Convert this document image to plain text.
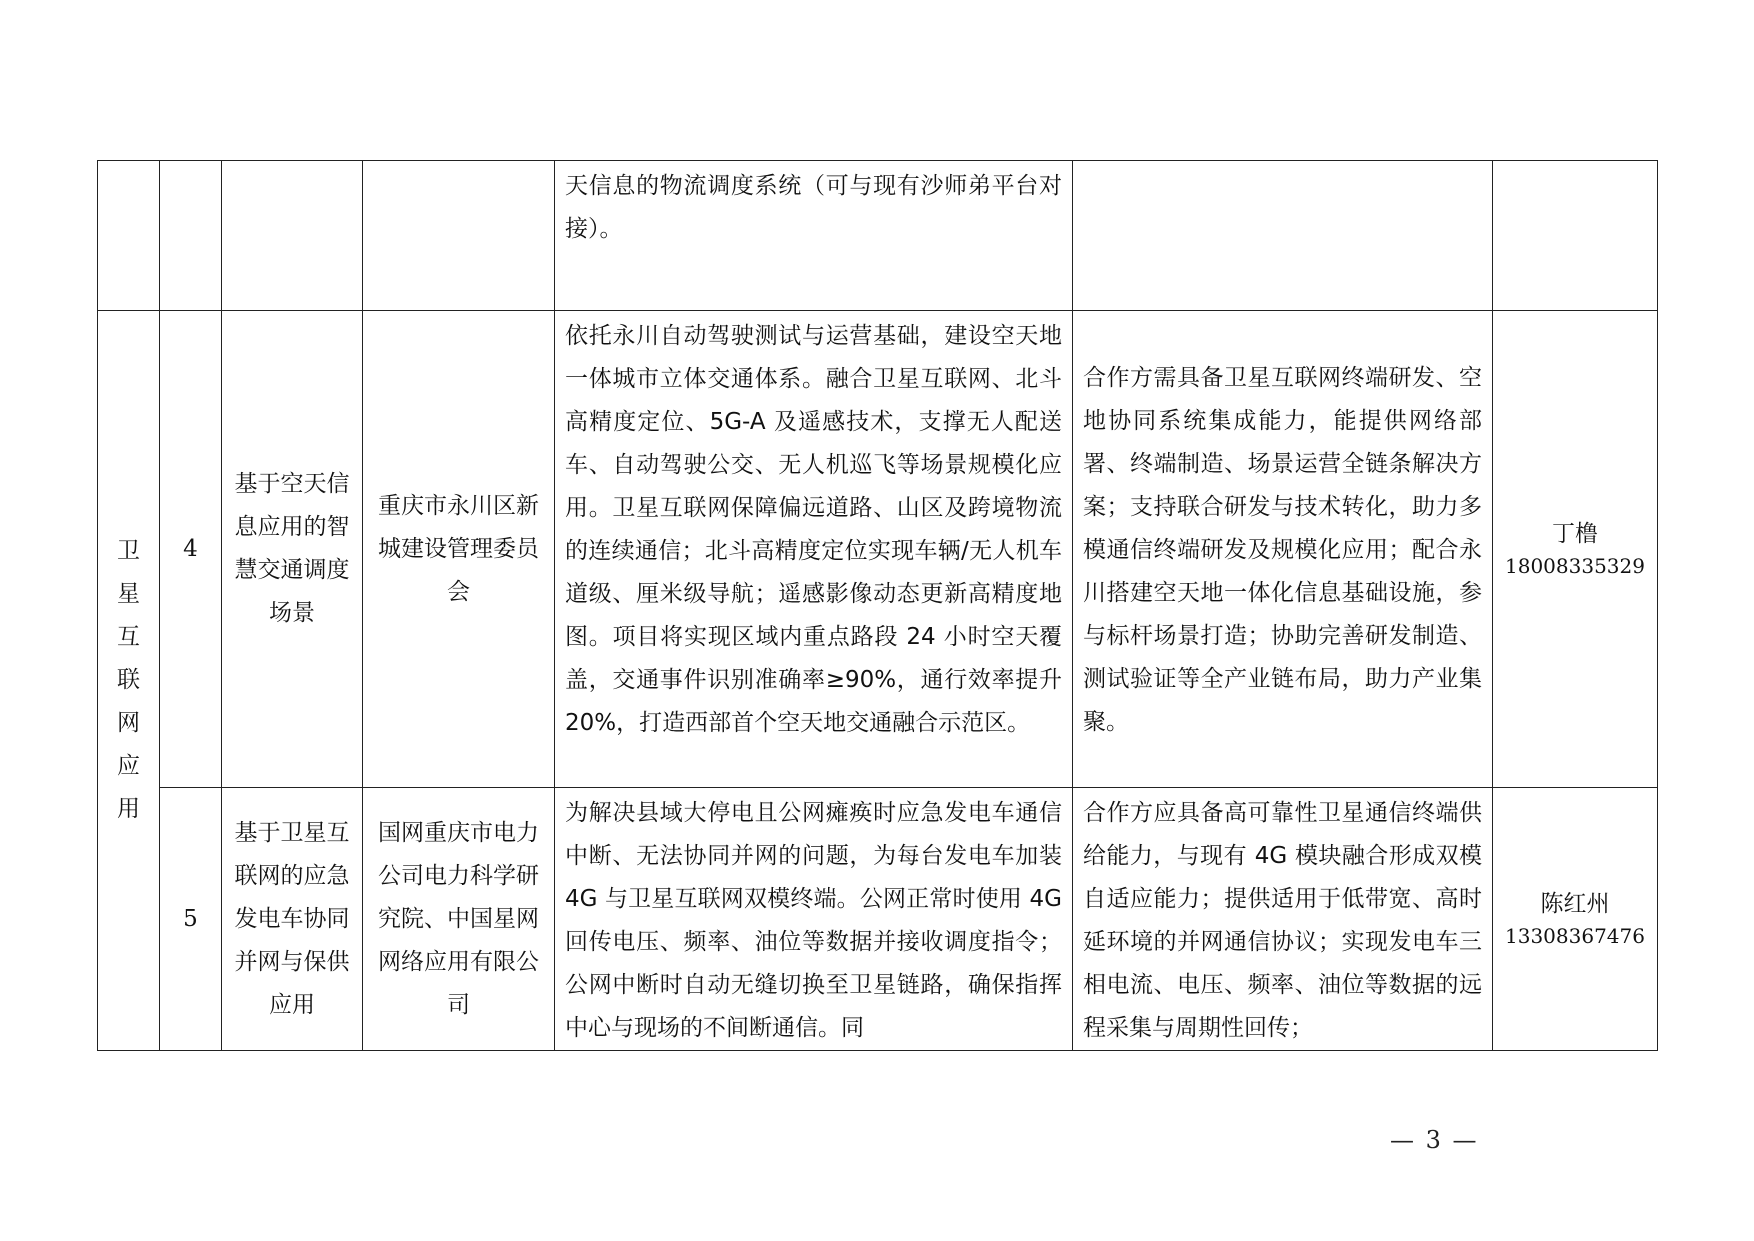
				天信息的物流调度系统（可与现有沙师弟平台对接）。		

卫星互联网应用	4	基于空天信息应用的智慧交通调度场景	重庆市永川区新城建设管理委员会	依托永川自动驾驶测试与运营基础，建设空天地一体城市立体交通体系。融合卫星互联网、北斗高精度定位、5G-A 及遥感技术，支撑无人配送车、自动驾驶公交、无人机巡飞等场景规模化应用。卫星互联网保障偏远道路、山区及跨境物流的连续通信；北斗高精度定位实现车辆/无人机车道级、厘米级导航；遥感影像动态更新高精度地图。项目将实现区域内重点路段 24 小时空天覆盖，交通事件识别准确率≥90%，通行效率提升 20%，打造西部首个空天地交通融合示范区。	合作方需具备卫星互联网终端研发、空地协同系统集成能力，能提供网络部署、终端制造、场景运营全链条解决方案；支持联合研发与技术转化，助力多模通信终端研发及规模化应用；配合永川搭建空天地一体化信息基础设施，参与标杆场景打造；协助完善研发制造、测试验证等全产业链布局，助力产业集聚。	丁橹
18008335329

	5	基于卫星互联网的应急发电车协同并网与保供应用	国网重庆市电力公司电力科学研究院、中国星网网络应用有限公司	为解决县域大停电且公网瘫痪时应急发电车通信中断、无法协同并网的问题，为每台发电车加装 4G 与卫星互联网双模终端。公网正常时使用 4G 回传电压、频率、油位等数据并接收调度指令；公网中断时自动无缝切换至卫星链路，确保指挥中心与现场的不间断通信。同	合作方应具备高可靠性卫星通信终端供给能力，与现有 4G 模块融合形成双模自适应能力；提供适用于低带宽、高时延环境的并网通信协议；实现发电车三相电流、电压、频率、油位等数据的远程采集与周期性回传；	陈红州
13308367476
— 3 —
